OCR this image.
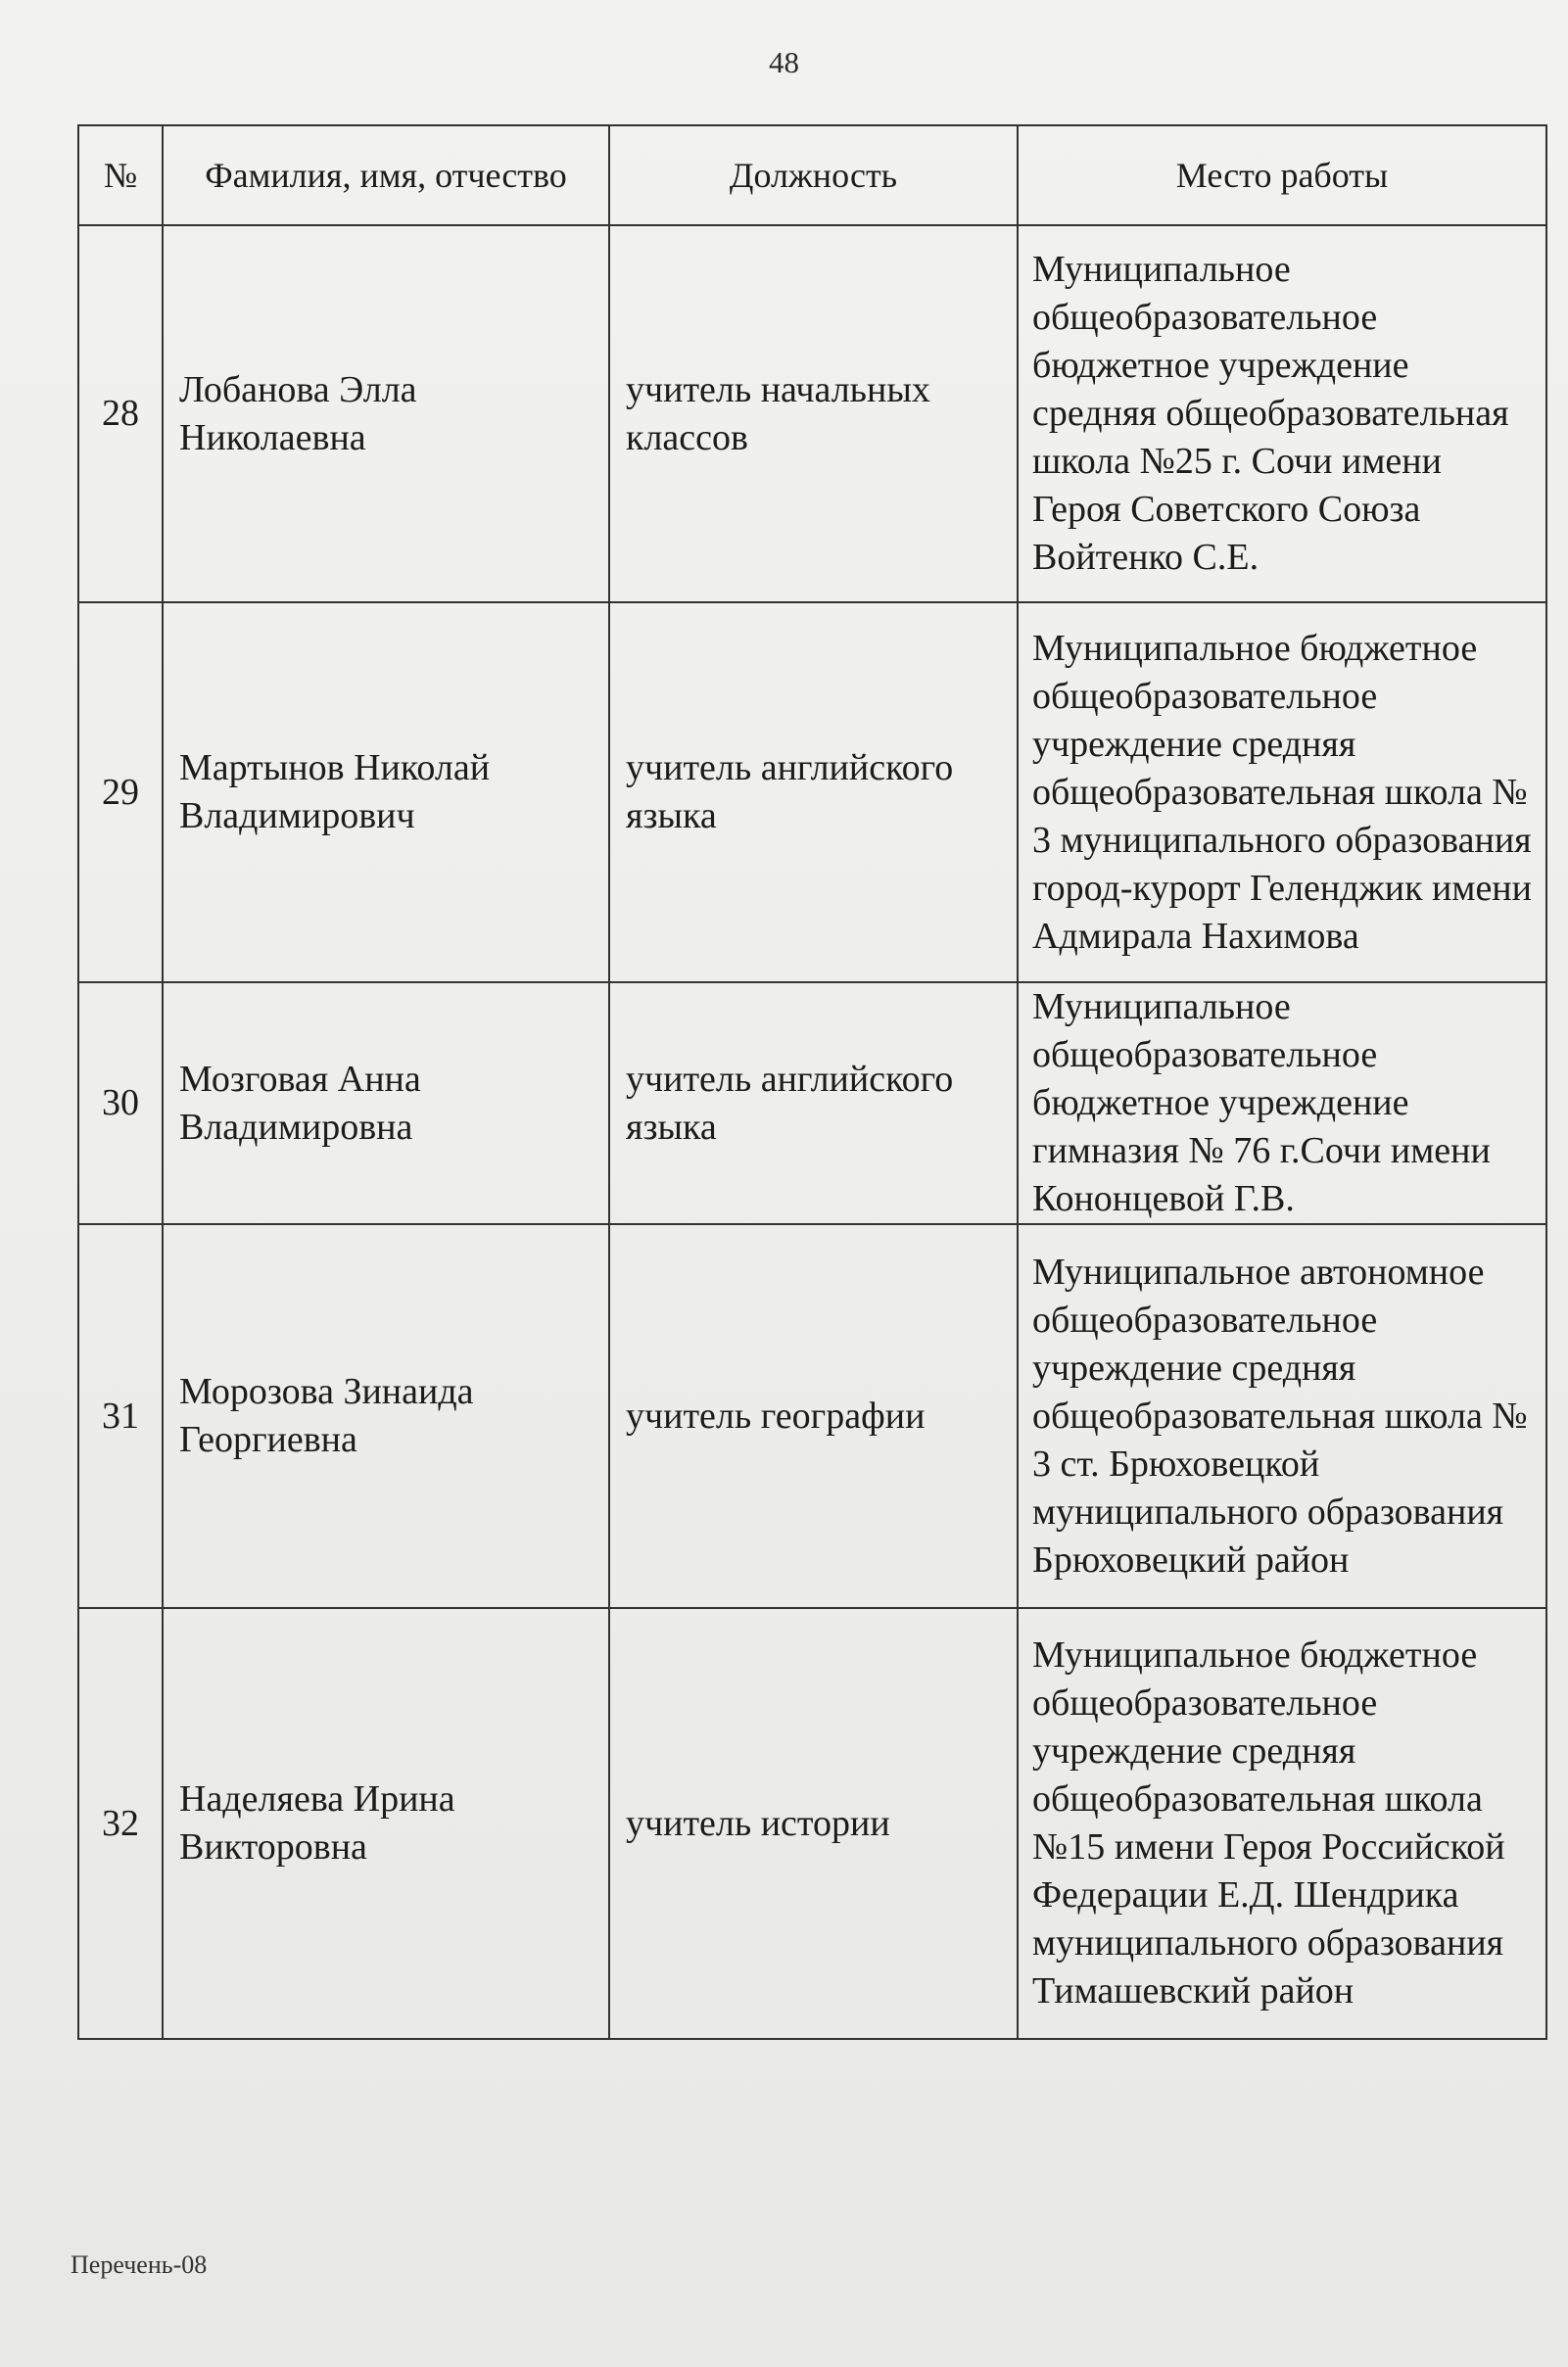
48
№	Фамилия, имя, отчество	Должность	Место работы
28	Лобанова Элла Николаевна	учитель начальных классов	Муниципальное общеобразовательное бюджетное учреждение средняя общеобразовательная школа №25 г. Сочи имени Героя Советского Союза Войтенко С.Е.
29	Мартынов Николай Владимирович	учитель английского языка	Муниципальное бюджетное общеобразовательное учреждение средняя общеобразовательная школа № 3 муниципального образования город-курорт Геленджик имени Адмирала Нахимова
30	Мозговая Анна Владимировна	учитель английского языка	Муниципальное общеобразовательное бюджетное учреждение гимназия № 76 г.Сочи имени Кононцевой Г.В.
31	Морозова Зинаида Георгиевна	учитель географии	Муниципальное автономное общеобразовательное учреждение средняя общеобразовательная школа № 3 ст. Брюховецкой муниципального образования Брюховецкий район
32	Наделяева Ирина Викторовна	учитель истории	Муниципальное бюджетное общеобразовательное учреждение средняя общеобразовательная школа №15 имени Героя Российской Федерации Е.Д. Шендрика муниципального образования Тимашевский район
Перечень-08
